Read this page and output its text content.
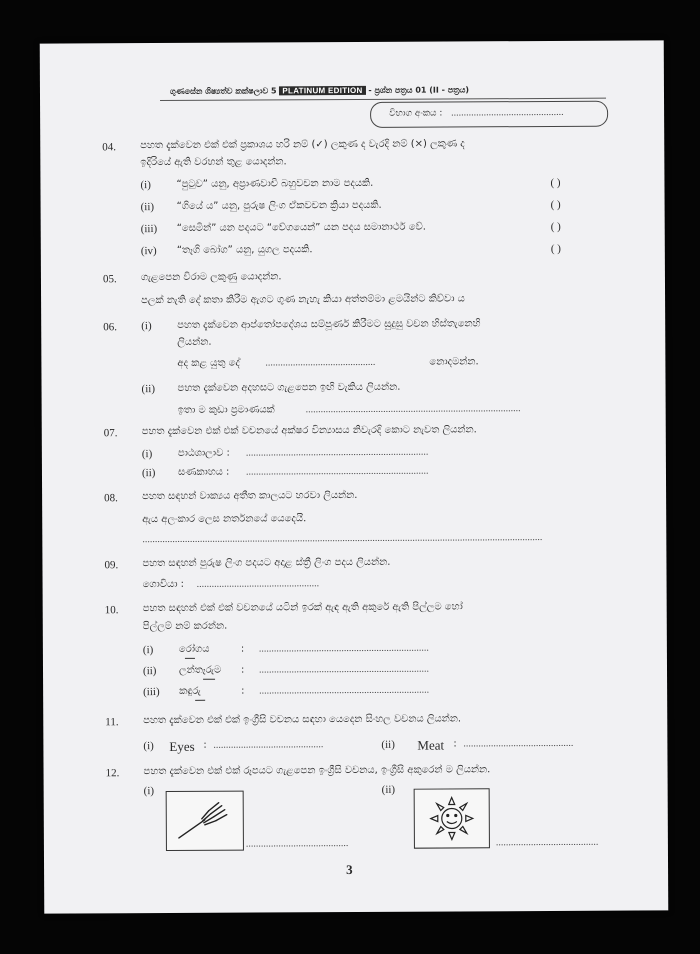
ගුණසේන ශිෂ්‍යත්ව කක්ෂලාව 5 PLATINUM EDITION - ප්‍රශ්න පත්‍රය 01 (II - පත්‍රය)
විභාග අංකය : .............................................
04. පහත දැක්වෙන එක් එක් ප්‍රකාශය හරි නම් (✓) ලකුණ ද වැරදි නම් (×) ලකුණ ද
ඉදිරියේ ඇති වරහන් තුළ යොදන්න.
(i)	“පුටුව” යනු, අප්‍රාණවාචී බහුවචන නාම පදයකි.	( )
(ii) “ගියේ ය” යනු, පුරුෂ ලිංග ඒකවචන ක්‍රියා පදයකි.	( )
(iii) “සෙමින්” යන පදයට “වේගයෙන්” යන පදය සමානාර්ථ වේ.	( )
(iv) “තෑගි බෝග” යනු, යුගල පදයකි.	( )
05. ගැළපෙන විරාම ලකුණු යොදන්න.
පලක් නැති දේ කතා කිරීම ඇගට ගුණ නැහැ කියා අත්තම්මා ළමයින්ට කිව්වා ය
06. (i)	පහත දැක්වෙන ආප්තෝපදේශය සම්පූර්ණ කිරීමට සුදුසු වචන හිස්තැනෙහි
ලියන්න.
අද කළ යුතු දේ	............................................	නොදමන්න.
(ii) පහත දැක්වෙන අදහසට ගැළපෙන ඉඟි වැකිය ලියන්න.
ඉතා ම කුඩා ප්‍රමාණයක්	......................................................................................
07. පහත දැක්වෙන එක් එක් වචනයේ අක්ෂර වින්‍යාසය නිවැරදි කොට නැවත ලියන්න.
(i)	පාඨශාලාව : .........................................................................
(ii) සණකාහය : .........................................................................
08. පහත සඳහන් වාක්‍යය අතීත කාලයට හරවා ලියන්න.
ඇය අලංකාර ලෙස නර්තනයේ යෙදෙයි.
................................................................................................................................................................
09. පහත සඳහන් පුරුෂ ලිංග පදයට අදාළ ස්ත්‍රී ලිංග පදය ලියන්න.
ගොවියා : .................................................
10. පහත සඳහන් එක් එක් වචනයේ යටින් ඉරක් ඇඳ ඇති අකුරේ ඇති පිල්ලම හෝ
පිල්ලම් නම් කරන්න.
(i)	රෝගය	: ....................................................................
(ii) ලන්තෑරුම : ....................................................................
(iii) කඳුරු	: ....................................................................
11. පහත දැක්වෙන එක් එක් ඉංග්‍රීසි වචනය සඳහා යෙදෙන සිංහල වචනය ලියන්න.
(i) Eyes : ............................................	(ii) Meat : ............................................
12. පහත දැක්වෙන එක් එක් රූපයට ගැළපෙන ඉංග්‍රීසි වචනය, ඉංග්‍රීසි අකුරෙන් ම ලියන්න.
(i)
.........................................
(ii)
.........................................
3
